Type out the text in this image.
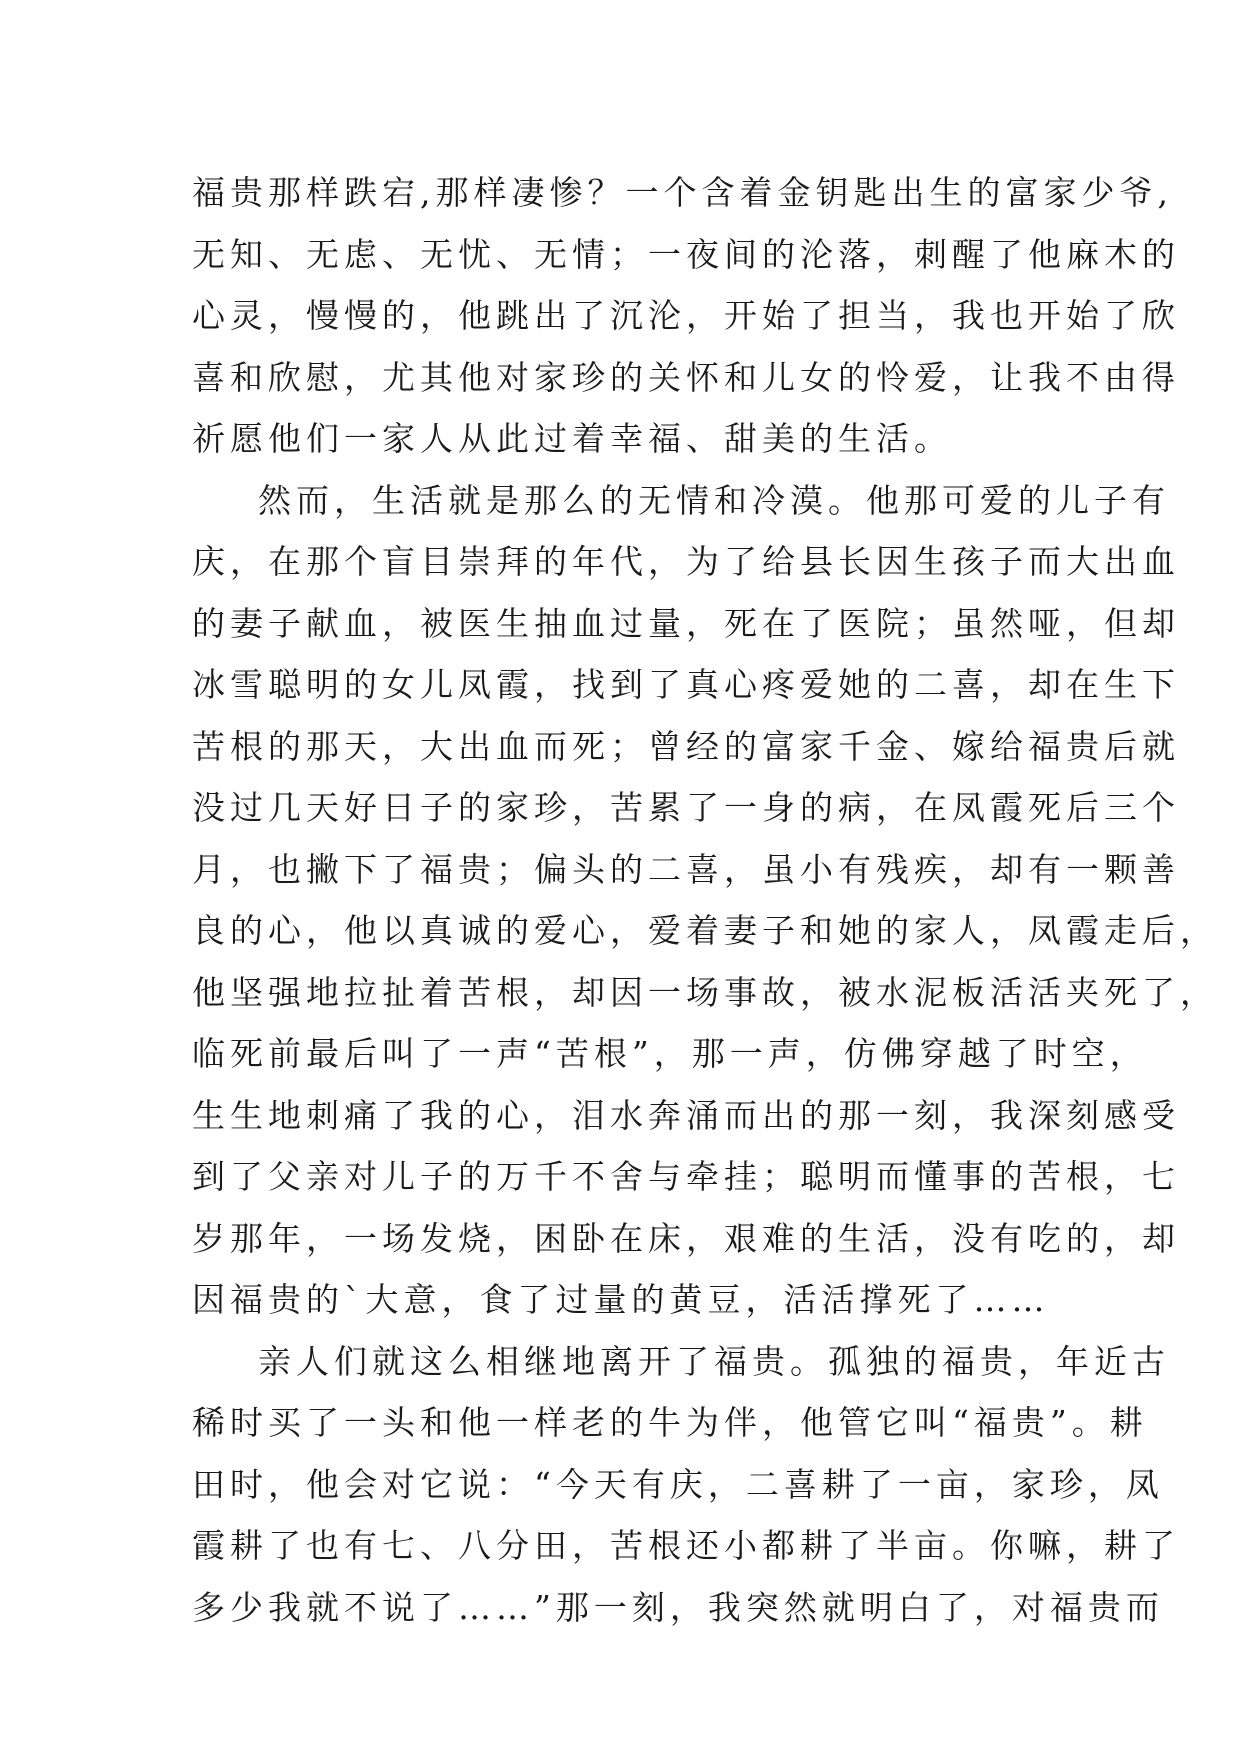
福贵那样跌宕,那样凄惨？一个含着金钥匙出生的富家少爷,
无知、无虑、无忧、无情；一夜间的沦落，刺醒了他麻木的
心灵，慢慢的，他跳出了沉沦，开始了担当，我也开始了欣
喜和欣慰，尤其他对家珍的关怀和儿女的怜爱，让我不由得
祈愿他们一家人从此过着幸福、甜美的生活。
然而，生活就是那么的无情和冷漠。他那可爱的儿子有
庆，在那个盲目崇拜的年代，为了给县长因生孩子而大出血
的妻子献血，被医生抽血过量，死在了医院；虽然哑，但却
冰雪聪明的女儿凤霞，找到了真心疼爱她的二喜，却在生下
苦根的那天，大出血而死；曾经的富家千金、嫁给福贵后就
没过几天好日子的家珍，苦累了一身的病，在凤霞死后三个
月，也撇下了福贵；偏头的二喜，虽小有残疾，却有一颗善
良的心，他以真诚的爱心，爱着妻子和她的家人，凤霞走后，
他坚强地拉扯着苦根，却因一场事故，被水泥板活活夹死了，
临死前最后叫了一声“苦根”，那一声，仿佛穿越了时空，
生生地刺痛了我的心，泪水奔涌而出的那一刻，我深刻感受
到了父亲对儿子的万千不舍与牵挂；聪明而懂事的苦根，七
岁那年，一场发烧，困卧在床，艰难的生活，没有吃的，却
因福贵的`大意，食了过量的黄豆，活活撑死了……
亲人们就这么相继地离开了福贵。孤独的福贵，年近古
稀时买了一头和他一样老的牛为伴，他管它叫“福贵”。耕
田时，他会对它说：“今天有庆，二喜耕了一亩，家珍，凤
霞耕了也有七、八分田，苦根还小都耕了半亩。你嘛，耕了
多少我就不说了……”那一刻，我突然就明白了，对福贵而
